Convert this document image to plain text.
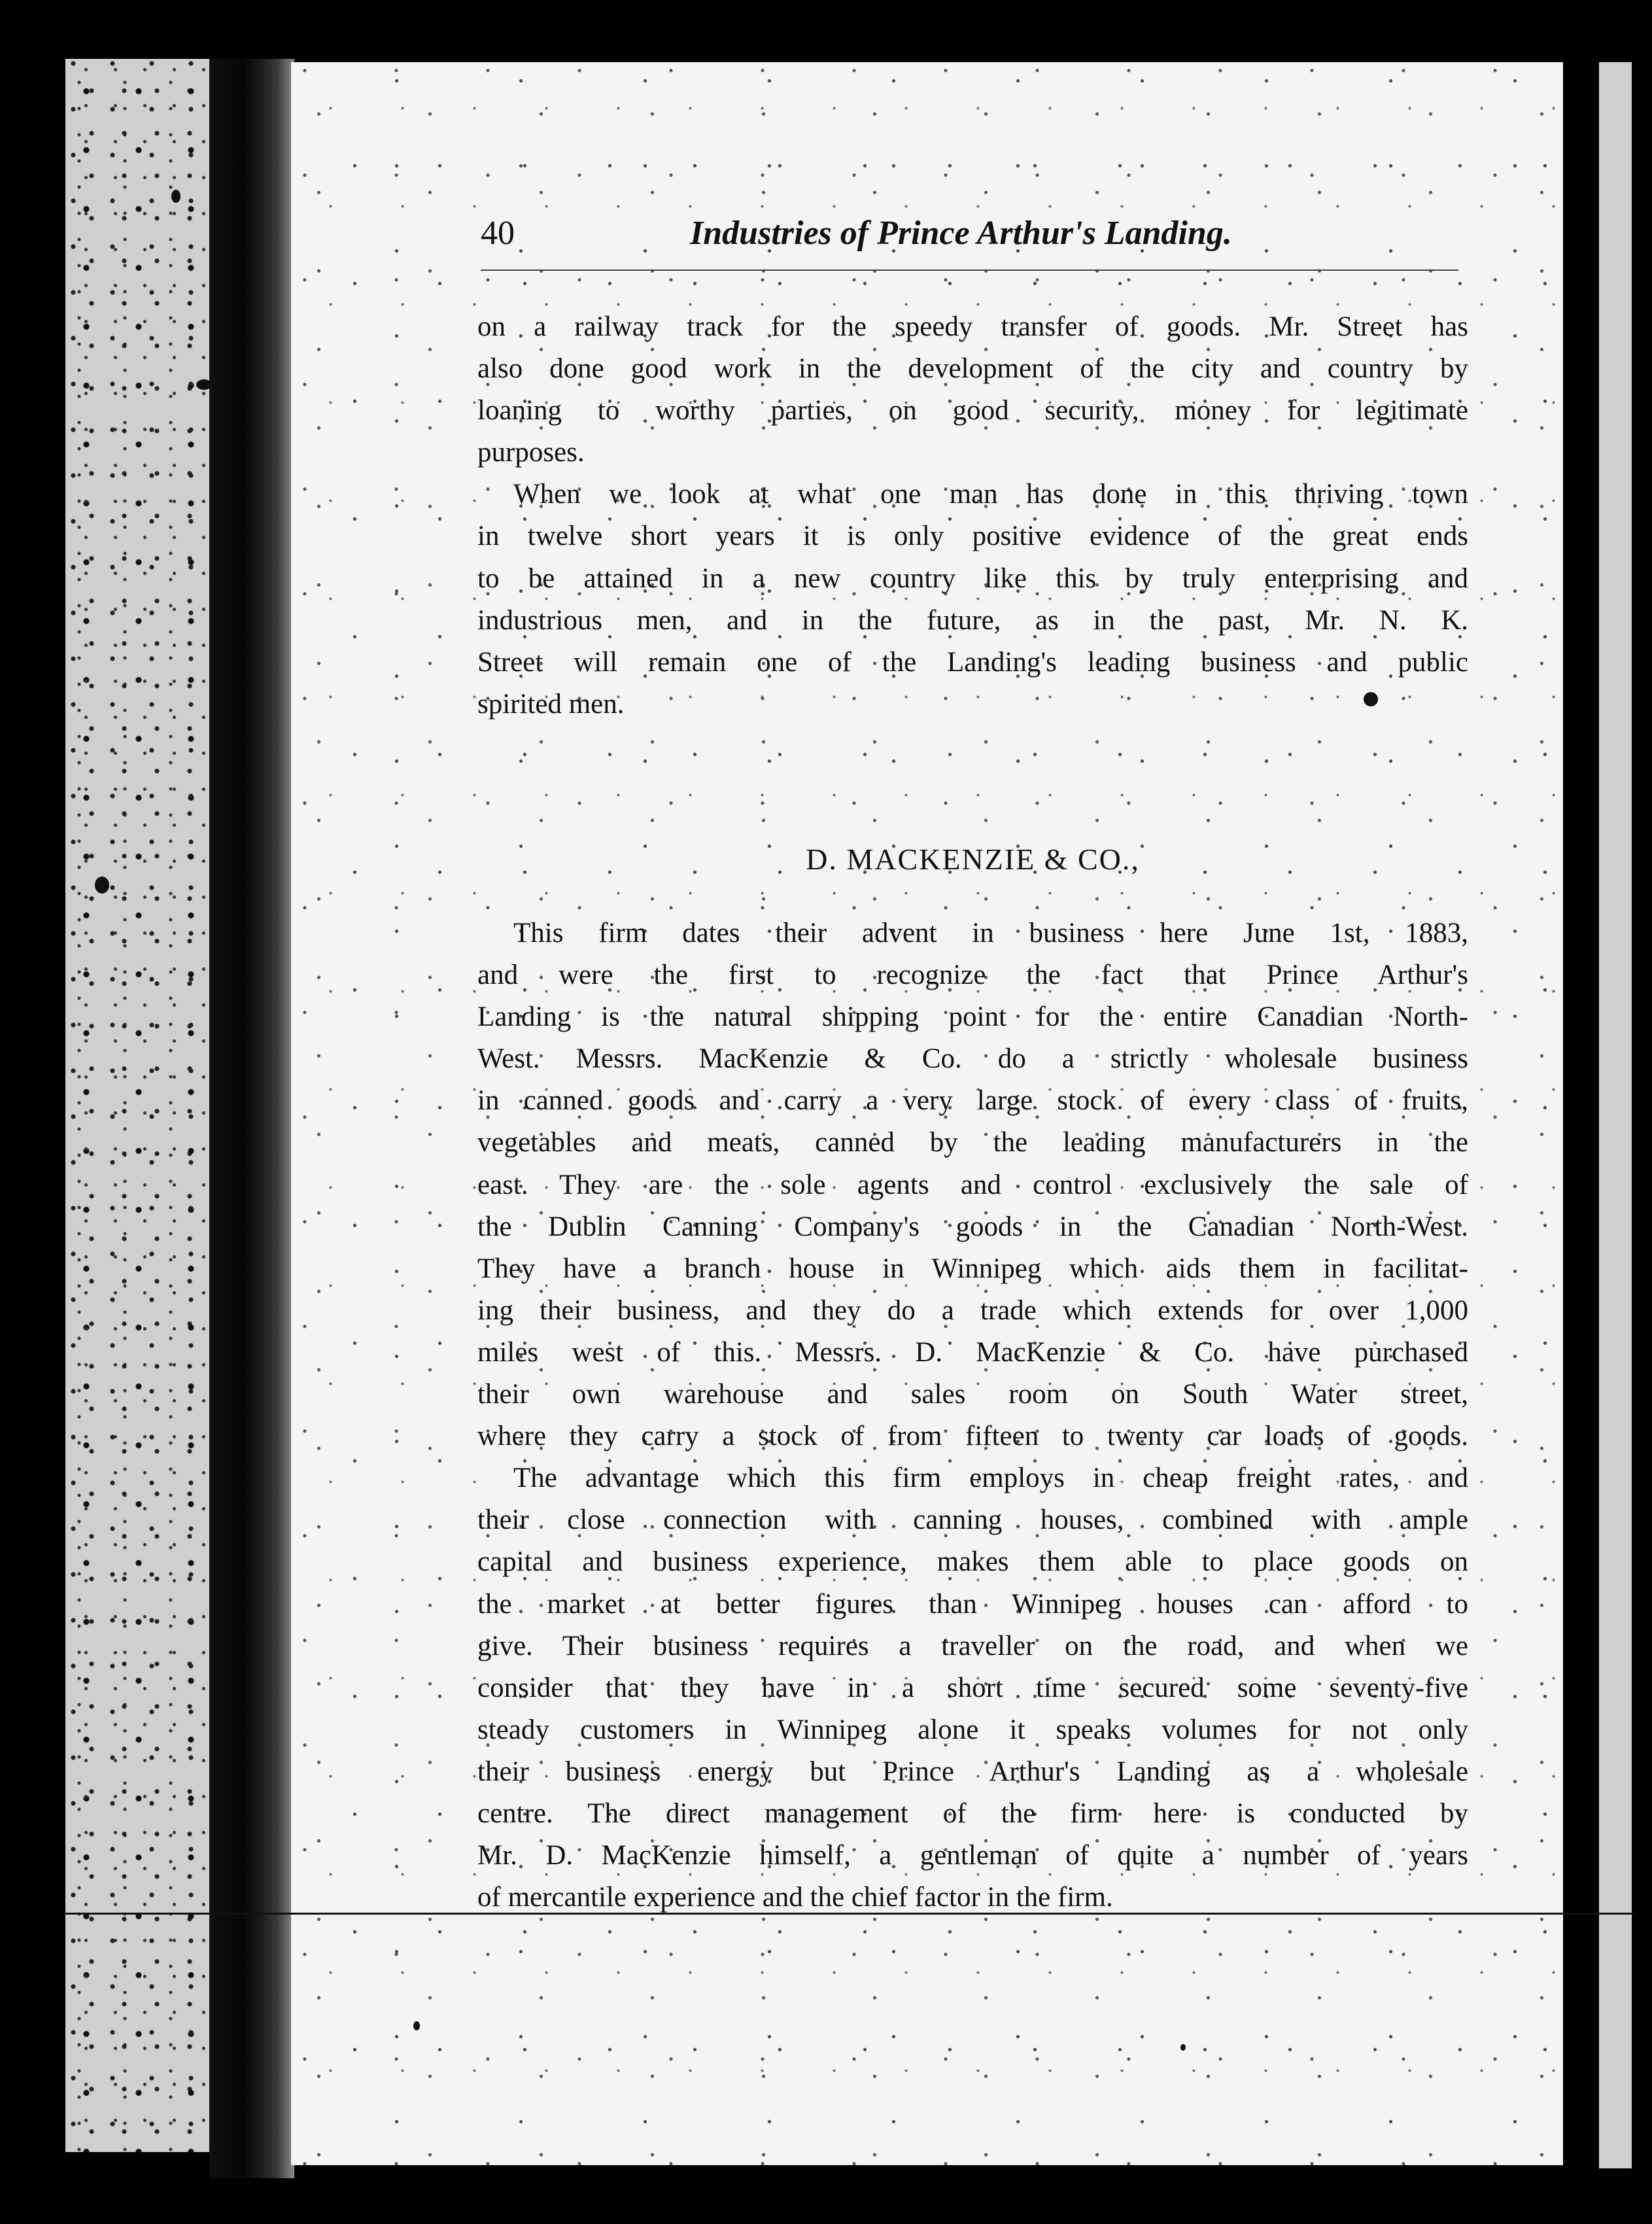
40	Industries of Prince Arthur's Landing.
on a railway track for the speedy transfer of goods. Mr. Street has
also done good work in the development of the city and country by
loaning to worthy parties, on good security, money for legitimate
purposes.
When we look at what one man has done in this thriving town
in twelve short years it is only positive evidence of the great ends
to be attained in a new country like this by truly enterprising and
industrious men, and in the future, as in the past, Mr. N. K.
Street will remain one of the Landing's leading business and public
spirited men.
D. MACKENZIE & CO.,
This firm dates their advent in business here June 1st, 1883,
and were the first to recognize the fact that Prince Arthur's
Landing is the natural shipping point for the entire Canadian North-
West. Messrs. MacKenzie & Co. do a strictly wholesale business
in canned goods and carry a very large stock of every class of fruits,
vegetables and meats, canned by the leading manufacturers in the
east. They are the sole agents and control exclusively the sale of
the Dublin Canning Company's goods in the Canadian North-West.
They have a branch house in Winnipeg which aids them in facilitat-
ing their business, and they do a trade which extends for over 1,000
miles west of this. Messrs. D. MacKenzie & Co. have purchased
their own warehouse and sales room on South Water street,
where they carry a stock of from fifteen to twenty car loads of goods.
The advantage which this firm employs in cheap freight rates, and
their close connection with canning houses, combined with ample
capital and business experience, makes them able to place goods on
the market at better figures than Winnipeg houses can afford to
give. Their business requires a traveller on the road, and when we
consider that they have in a short time secured some seventy-five
steady customers in Winnipeg alone it speaks volumes for not only
their business energy but Prince Arthur's Landing as a wholesale
centre. The direct management of the firm here is conducted by
Mr. D. MacKenzie himself, a gentleman of quite a number of years
of mercantile experience and the chief factor in the firm.
